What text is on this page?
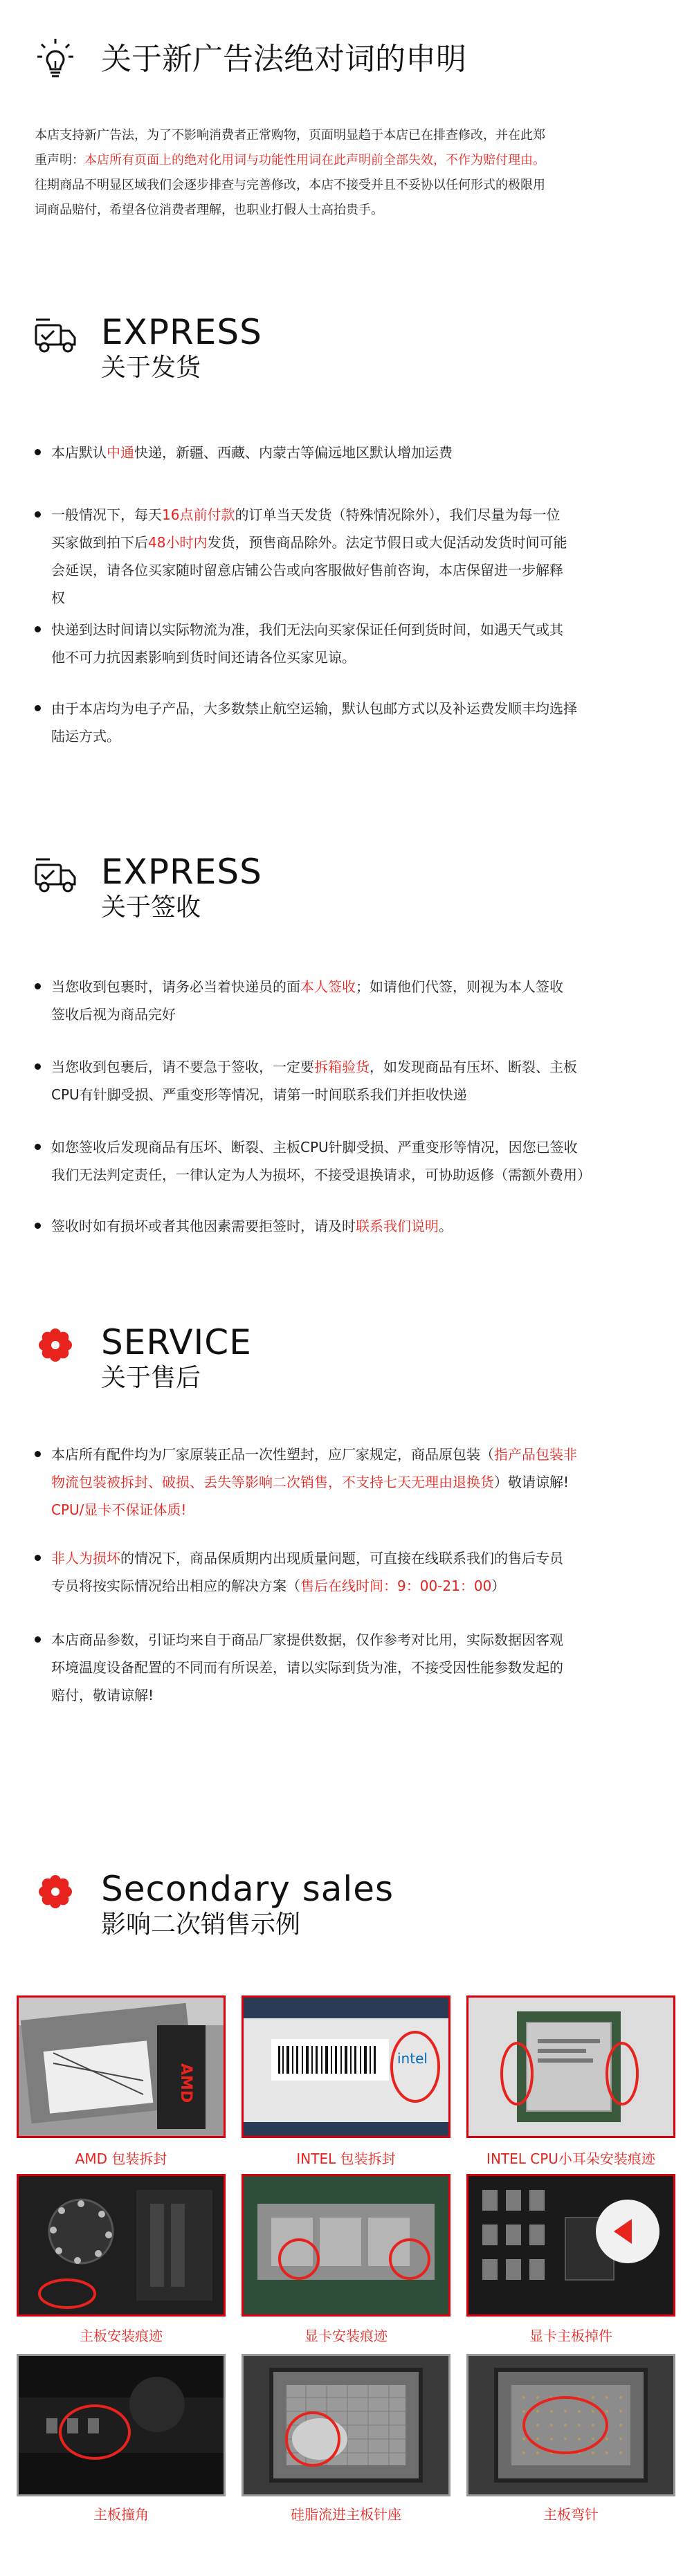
关于新广告法绝对词的申明
本店支持新广告法，为了不影响消费者正常购物，页面明显趋于本店已在排查修改，并在此郑
重声明：本店所有页面上的绝对化用词与功能性用词在此声明前全部失效，不作为赔付理由。
往期商品不明显区域我们会逐步排查与完善修改，本店不接受并且不妥协以任何形式的极限用
词商品赔付，希望各位消费者理解，也职业打假人士高抬贵手。
EXPRESS
关于发货
本店默认中通快递，新疆、西藏、内蒙古等偏远地区默认增加运费
一般情况下，每天16点前付款的订单当天发货（特殊情况除外），我们尽量为每一位
买家做到拍下后48小时内发货，预售商品除外。法定节假日或大促活动发货时间可能
会延误，请各位买家随时留意店铺公告或向客服做好售前咨询，本店保留进一步解释
权
快递到达时间请以实际物流为准，我们无法向买家保证任何到货时间，如遇天气或其
他不可力抗因素影响到货时间还请各位买家见谅。
由于本店均为电子产品，大多数禁止航空运输，默认包邮方式以及补运费发顺丰均选择
陆运方式。
EXPRESS
关于签收
当您收到包裹时，请务必当着快递员的面本人签收；如请他们代签，则视为本人签收
签收后视为商品完好
当您收到包裹后，请不要急于签收，一定要拆箱验货，如发现商品有压坏、断裂、主板
CPU有针脚受损、严重变形等情况，请第一时间联系我们并拒收快递
如您签收后发现商品有压坏、断裂、主板CPU针脚受损、严重变形等情况，因您已签收
我们无法判定责任，一律认定为人为损坏，不接受退换请求，可协助返修（需额外费用）
签收时如有损坏或者其他因素需要拒签时，请及时联系我们说明。
SERVICE
关于售后
本店所有配件均为厂家原装正品一次性塑封，应厂家规定，商品原包装（指产品包装非
物流包装被拆封、破损、丢失等影响二次销售，不支持七天无理由退换货）敬请谅解!
CPU/显卡不保证体质!
非人为损坏的情况下，商品保质期内出现质量问题，可直接在线联系我们的售后专员
专员将按实际情况给出相应的解决方案（售后在线时间：9：00-21：00）
本店商品参数，引证均来自于商品厂家提供数据，仅作参考对比用，实际数据因客观
环境温度设备配置的不同而有所误差，请以实际到货为准，不接受因性能参数发起的
赔付，敬请谅解!
Secondary sales
影响二次销售示例
AMD
AMD 包装拆封
intel
INTEL 包装拆封	INTEL CPU小耳朵安装痕迹
主板安装痕迹	显卡安装痕迹	显卡主板掉件
主板撞角	硅脂流进主板针座	主板弯针
